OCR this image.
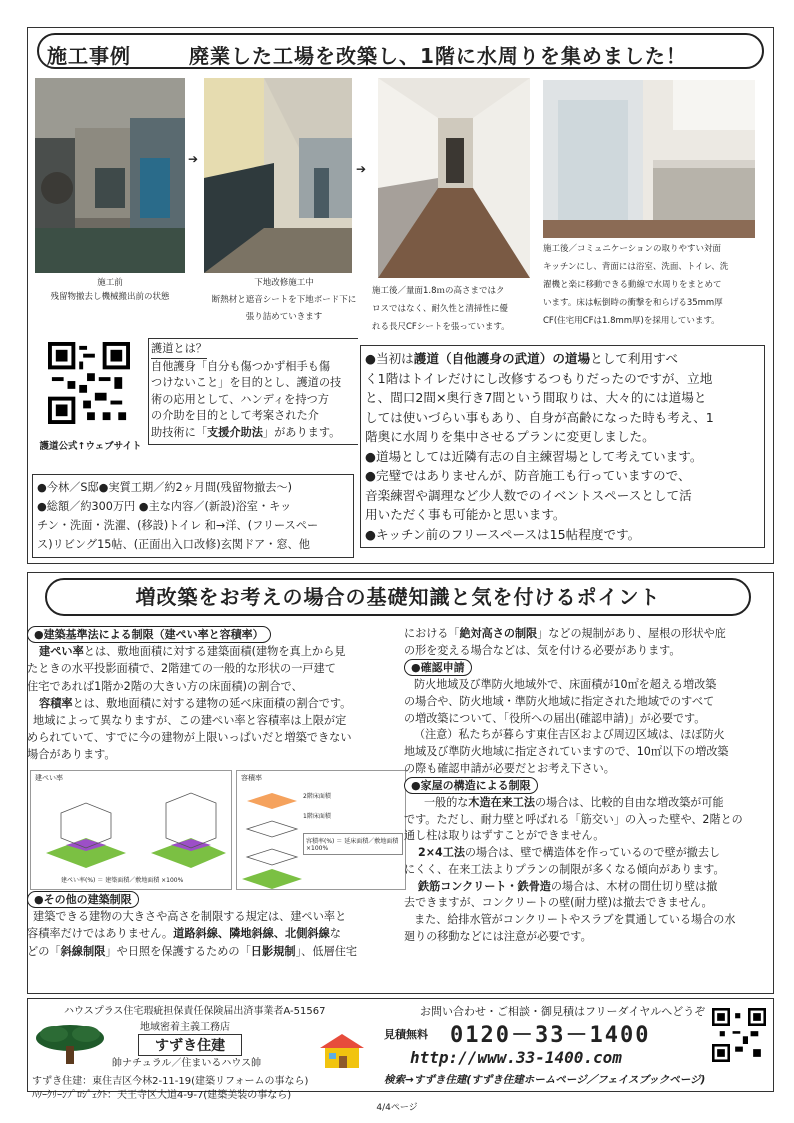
施工事例	廃業した工場を改築し、1階に水周りを集めました！
➔
➔
施工前
残留物撤去し機械搬出前の状態
下地改修施工中
断熱材と遮音シートを下地ボード下に
張り詰めていきます
施工後／量面1.8ｍの高さまではク
ロスではなく、耐久性と清掃性に優
れる長尺CFシートを張っています。
施工後／コミュニケーションの取りやすい対面
キッチンにし、背面には浴室、洗面、トイレ、洗
濯機と楽に移動できる動線で水周りをまとめて
います。床は転倒時の衝撃を和らげる35mm厚
CF(住宅用CFは1.8mm厚)を採用しています。
護道公式↑ウェブサイト
護道とは？
自他護身「自分も傷つかず相手も傷
つけないこと」を目的とし、護道の技
術の応用として、ハンディを持つ方
の介助を目的として考案された介
助技術に「支援介助法」があります。
●今林／S邸●実質工期／約2ヶ月間(残留物撤去～)
●総額／約300万円 ●主な内容／(新設)浴室・キッ
チン・洗面・洗濯、(移設)トイレ 和→洋、(フリースペー
ス)リビング15帖、(正面出入口改修)玄関ドア・窓、他
●当初は護道（自他護身の武道）の道場として利用すべ
く1階はトイレだけにし改修するつもりだったのですが、立地
と、間口2間×奥行き7間という間取りは、大々的には道場と
しては使いづらい事もあり、自身が高齢になった時も考え、1
階奥に水周りを集中させるプランに変更しました。
●道場としては近隣有志の自主練習場として考えています。
●完璧ではありませんが、防音施工も行っていますので、
音楽練習や調理など少人数でのイベントスペースとして活
用いただく事も可能かと思います。
●キッチン前のフリースペースは15帖程度です。
増改築をお考えの場合の基礎知識と気を付けるポイント
●建築基準法による制限（建ぺい率と容積率）
建ぺい率とは、敷地面積に対する建築面積(建物を真上から見
たときの水平投影面積で、2階建ての一般的な形状の一戸建て
住宅であれば1階か2階の大きい方の床面積)の割合で、
容積率とは、敷地面積に対する建物の延べ床面積の割合です。
地域によって異なりますが、この建ぺい率と容積率は上限が定
められていて、すでに今の建物が上限いっぱいだと増築できない
場合があります。
建ぺい率
建ぺい率(%) ＝ 建築面積／敷地面積 ×100%
容積率
2階床面積
1階床面積
容積率(%) ＝ 延床面積／敷地面積 ×100%
●その他の建築制限
建築できる建物の大きさや高さを制限する規定は、建ぺい率と
容積率だけではありません。道路斜線、隣地斜線、北側斜線な
どの「斜線制限」や日照を保護するための「日影規制」、低層住宅
における「絶対高さの制限」などの規制があり、屋根の形状や庇
の形を変える場合などは、気を付ける必要があります。
●確認申請
防火地域及び準防火地域外で、床面積が10㎡を超える増改築
の場合や、防火地域・準防火地域に指定された地域でのすべて
の増改築について、「役所への届出(確認申請)」が必要です。
（注意）私たちが暮らす東住吉区および周辺区域は、ほぼ防火
地域及び準防火地域に指定されていますので、10㎡以下の増改築
の際も確認申請が必要だとお考え下さい。
●家屋の構造による制限
一般的な木造在来工法の場合は、比較的自由な増改築が可能
です。ただし、耐力壁と呼ばれる「筋交い」の入った壁や、2階との
通し柱は取りはずすことができません。
2×4工法の場合は、壁で構造体を作っているので壁が撤去し
にくく、在来工法よりプランの制限が多くなる傾向があります。
鉄筋コンクリート・鉄骨造の場合は、木材の間仕切り壁は撤
去できますが、コンクリートの壁(耐力壁)は撤去できません。
また、給排水管がコンクリートやスラブを貫通している場合の水
廻りの移動などには注意が必要です。
ハウスプラス住宅瑕疵担保責任保険届出済事業者A-51567
地域密着主義工務店
すずき住建
帥ナチュラル／住まいるハウス帥
すずき住建：東住吉区今林2-11-19(建築リフォームの事なら)
ﾊﾜｰｸﾘｰﾝﾌﾟﾛｼﾞｪｸﾄ：天王寺区大道4-9-7(建築美装の事なら)
お問い合わせ・ご相談・御見積はフリーダイヤルへどうぞ
見積無料 0120－33－1400
http://www.33-1400.com
検索→すずき住建(すずき住建ホームページ／フェイスブックページ)
4/4ページ
